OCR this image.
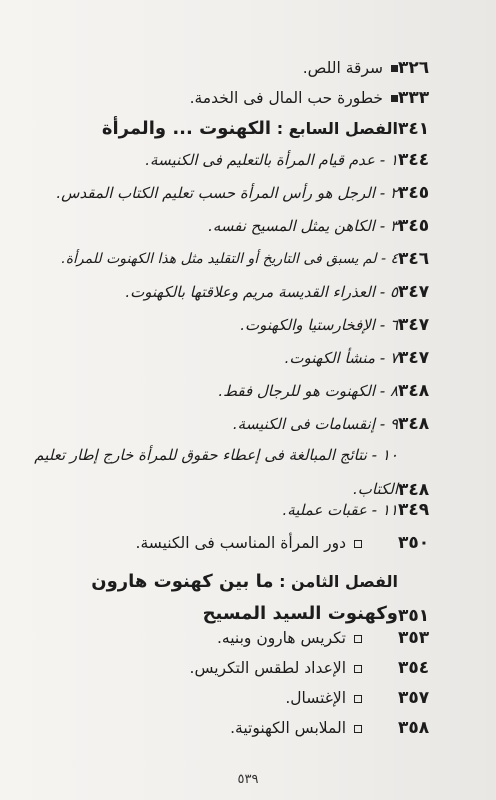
سرقة اللص. ٣٢٦
خطورة حب المال فى الخدمة. ٣٣٣
الفصل السابع : الكهنوت ... والمرأة	٣٤١
١ - عدم قيام المرأة بالتعليم فى الكنيسة. ٣٤٤
٢ - الرجل هو رأس المرأة حسب تعليم الكتاب المقدس. ٣٤٥
٣ - الكاهن يمثل المسيح نفسه. ٣٤٥
٤ - لم يسبق فى التاريخ أو التقليد مثل هذا الكهنوت للمرأة. ٣٤٦
٥ - العذراء القديسة مريم وعلاقتها بالكهنوت. ٣٤٧
٦ - الإفخارستيا والكهنوت. ٣٤٧
٧ - منشأ الكهنوت. ٣٤٧
٨ - الكهنوت هو للرجال فقط. ٣٤٨
٩ - إنقسامات فى الكنيسة. ٣٤٨
١٠ - نتائج المبالغة فى إعطاء حقوق للمرأة خارج إطار تعليم الكتاب. ٣٤٨
١١ - عقبات عملية. ٣٤٩
دور المرأة المناسب فى الكنيسة.	٣٥٠
الفصل الثامن : ما بين كهنوت هارون وكهنوت السيد المسيح ٣٥١
تكريس هارون وبنيه.	٣٥٣
الإعداد لطقس التكريس.	٣٥٤
الإغتسال.	٣٥٧
الملابس الكهنوتية.	٣٥٨
٥٣٩
